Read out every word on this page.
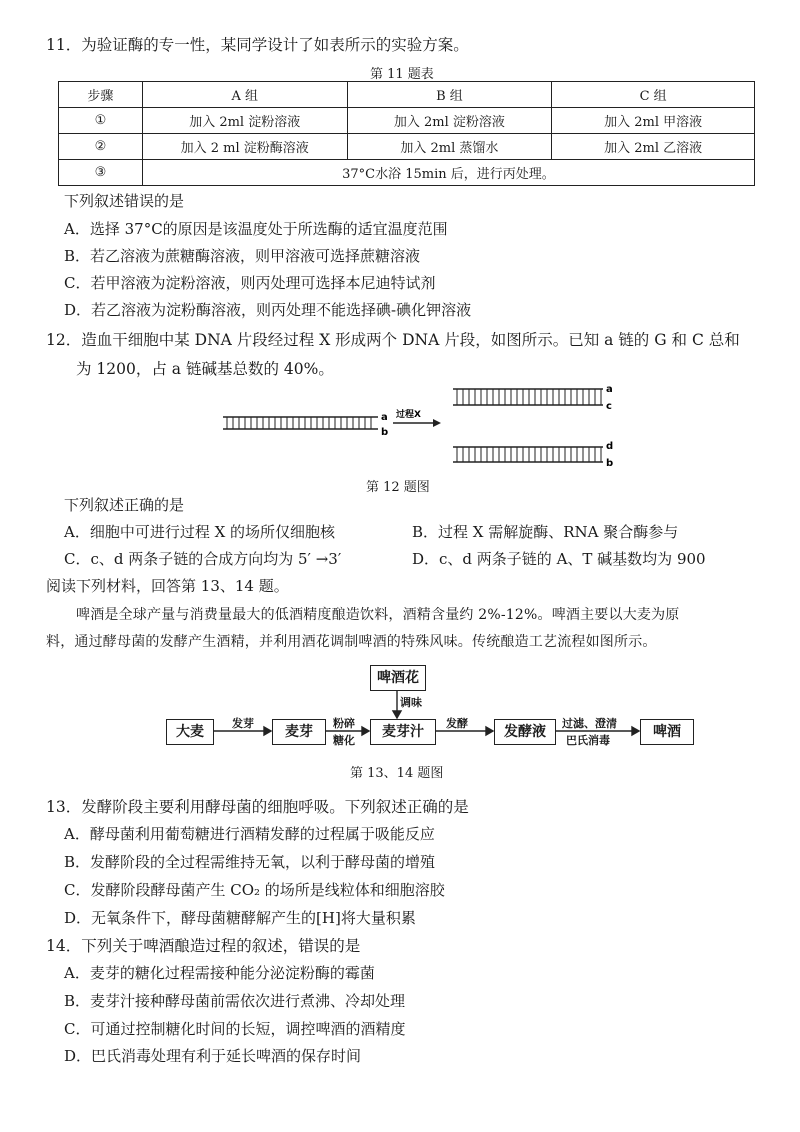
11．为验证酶的专一性，某同学设计了如表所示的实验方案。
第 11 题表
步骤	A 组	B 组	C 组
①	加入 2ml 淀粉溶液	加入 2ml 淀粉溶液	加入 2ml 甲溶液
②	加入 2 ml 淀粉酶溶液	加入 2ml 蒸馏水	加入 2ml 乙溶液
③	37°C水浴 15min 后，进行丙处理。		
下列叙述错误的是
A．选择 37°C的原因是该温度处于所选酶的适宜温度范围
B．若乙溶液为蔗糖酶溶液，则甲溶液可选择蔗糖溶液
C．若甲溶液为淀粉溶液，则丙处理可选择本尼迪特试剂
D．若乙溶液为淀粉酶溶液，则丙处理不能选择碘-碘化钾溶液
12．造血干细胞中某 DNA 片段经过程 X 形成两个 DNA 片段，如图所示。已知 a 链的 G 和 C 总和
为 1200，占 a 链碱基总数的 40%。
a
b
过程X
a
c
d
b
第 12 题图
下列叙述正确的是
A．细胞中可进行过程 X 的场所仅细胞核	B．过程 X 需解旋酶、RNA 聚合酶参与
C．c、d 两条子链的合成方向均为 5′ →3′	D．c、d 两条子链的 A、T 碱基数均为 900
阅读下列材料，回答第 13、14 题。
啤酒是全球产量与消费量最大的低酒精度酿造饮料，酒精含量约 2%-12%。啤酒主要以大麦为原
料，通过酵母菌的发酵产生酒精，并利用酒花调制啤酒的特殊风味。传统酿造工艺流程如图所示。
啤酒花
调味
大麦
发芽
麦芽
粉碎
糖化
麦芽汁
发酵
发酵液
过滤、澄清
巴氏消毒
啤酒
第 13、14 题图
13．发酵阶段主要利用酵母菌的细胞呼吸。下列叙述正确的是
A．酵母菌利用葡萄糖进行酒精发酵的过程属于吸能反应
B．发酵阶段的全过程需维持无氧，以利于酵母菌的增殖
C．发酵阶段酵母菌产生 CO₂ 的场所是线粒体和细胞溶胶
D．无氧条件下，酵母菌糖酵解产生的[H]将大量积累
14．下列关于啤酒酿造过程的叙述，错误的是
A．麦芽的糖化过程需接种能分泌淀粉酶的霉菌
B．麦芽汁接种酵母菌前需依次进行煮沸、冷却处理
C．可通过控制糖化时间的长短，调控啤酒的酒精度
D．巴氏消毒处理有利于延长啤酒的保存时间
